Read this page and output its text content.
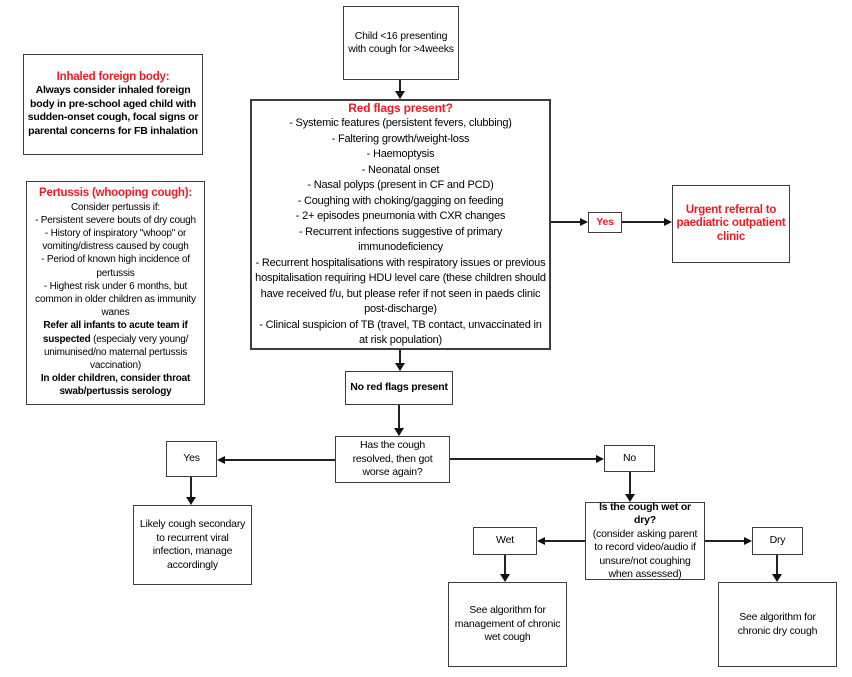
Child <16 presenting with cough for >4weeks
Inhaled foreign body:
Always consider inhaled foreign body in pre-school aged child with sudden-onset cough, focal signs or parental concerns for FB inhalation
Pertussis (whooping cough):
Consider pertussis if:
- Persistent severe bouts of dry cough
- History of inspiratory "whoop" or vomiting/distress caused by cough
- Period of known high incidence of pertussis
- Highest risk under 6 months, but common in older children as immunity wanes
Refer all infants to acute team if suspected (especialy very young/ unimunised/no maternal pertussis vaccination)
In older children, consider throat swab/pertussis serology
Red flags present?
- Systemic features (persistent fevers, clubbing)
- Faltering growth/weight-loss
- Haemoptysis
- Neonatal onset
- Nasal polyps (present in CF and PCD)
- Coughing with choking/gagging on feeding
- 2+ episodes pneumonia with CXR changes
- Recurrent infections suggestive of primary immunodeficiency
- Recurrent hospitalisations with respiratory issues or previous hospitalisation requiring HDU level care (these children should have received f/u, but please refer if not seen in paeds clinic post-discharge)
- Clinical suspicion of TB (travel, TB contact, unvaccinated in at risk population)
Yes
Urgent referral to paediatric outpatient clinic
No red flags present
Has the cough resolved, then got worse again?
Yes
Likely cough secondary to recurrent viral infection, manage accordingly
No
Is the cough wet or dry?
(consider asking parent to record video/audio if unsure/not coughing when assessed)
Wet	Dry
See algorithm for management of chronic wet cough
See algorithm for chronic dry cough
